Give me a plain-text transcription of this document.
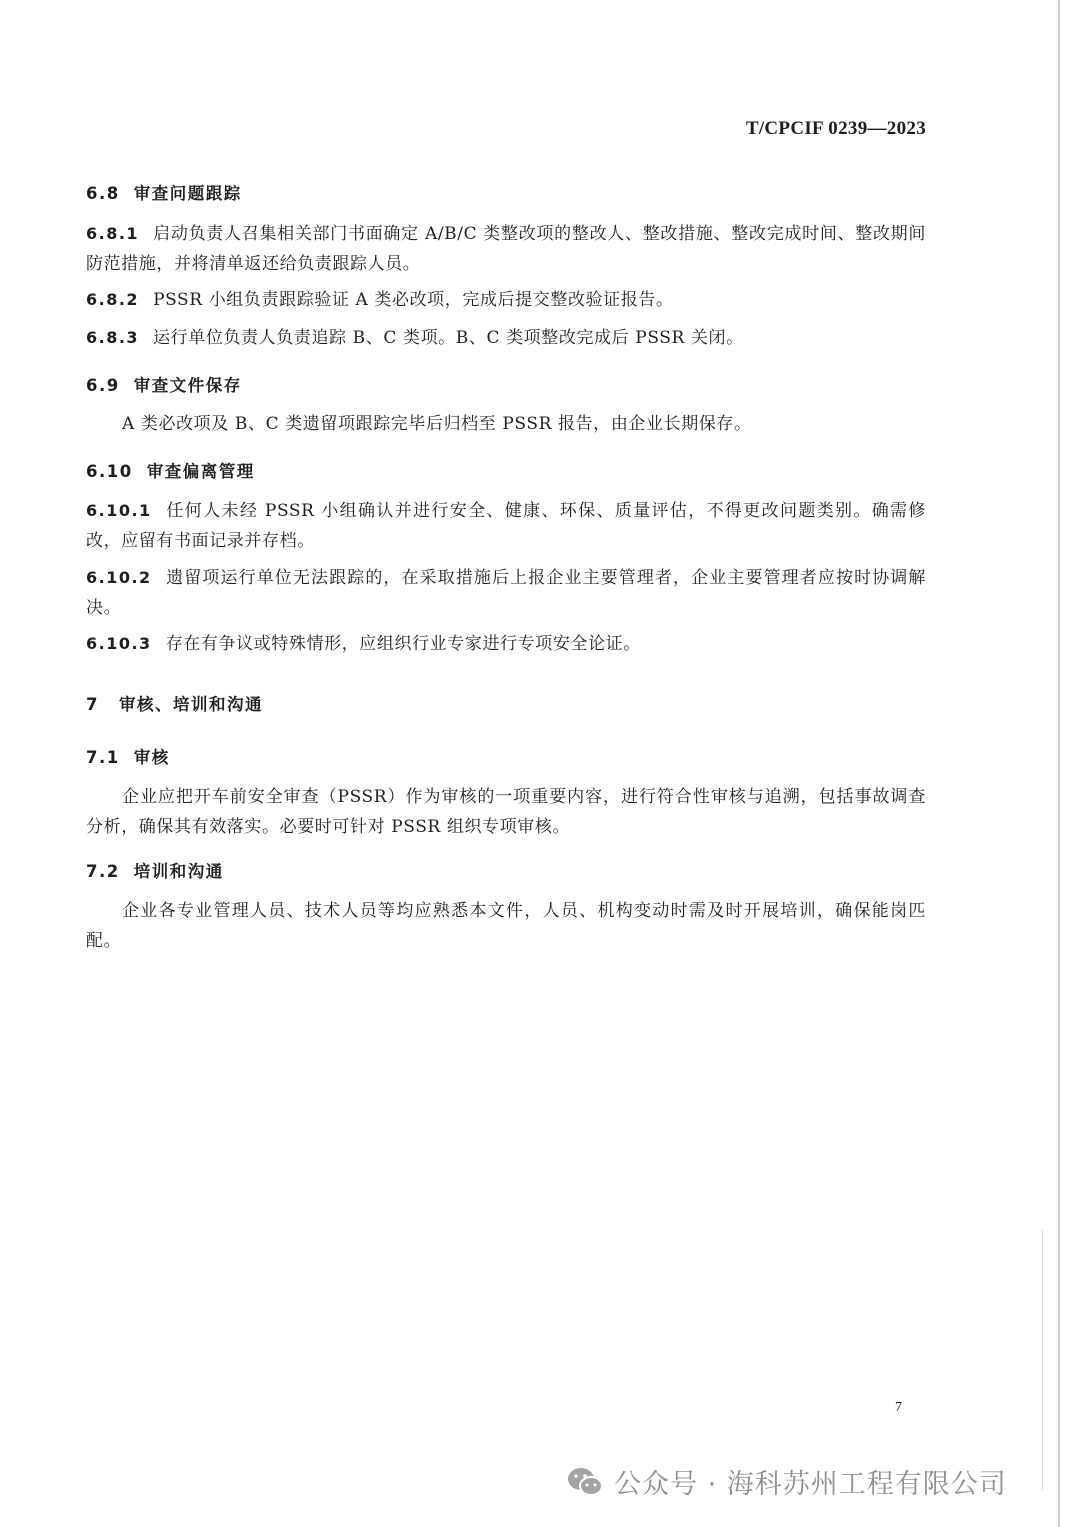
T/CPCIF 0239—2023
6.8 审查问题跟踪
6.8.1 启动负责人召集相关部门书面确定 A/B/C 类整改项的整改人、整改措施、整改完成时间、整改期间防范措施，并将清单返还给负责跟踪人员。
6.8.2 PSSR 小组负责跟踪验证 A 类必改项，完成后提交整改验证报告。
6.8.3 运行单位负责人负责追踪 B、C 类项。B、C 类项整改完成后 PSSR 关闭。
6.9 审查文件保存
A 类必改项及 B、C 类遗留项跟踪完毕后归档至 PSSR 报告，由企业长期保存。
6.10 审查偏离管理
6.10.1 任何人未经 PSSR 小组确认并进行安全、健康、环保、质量评估，不得更改问题类别。确需修改，应留有书面记录并存档。
6.10.2 遗留项运行单位无法跟踪的，在采取措施后上报企业主要管理者，企业主要管理者应按时协调解决。
6.10.3 存在有争议或特殊情形，应组织行业专家进行专项安全论证。
7 审核、培训和沟通
7.1 审核
企业应把开车前安全审查（PSSR）作为审核的一项重要内容，进行符合性审核与追溯，包括事故调查分析，确保其有效落实。必要时可针对 PSSR 组织专项审核。
7.2 培训和沟通
企业各专业管理人员、技术人员等均应熟悉本文件，人员、机构变动时需及时开展培训，确保能岗匹配。
7
公众号 · 海科苏州工程有限公司
